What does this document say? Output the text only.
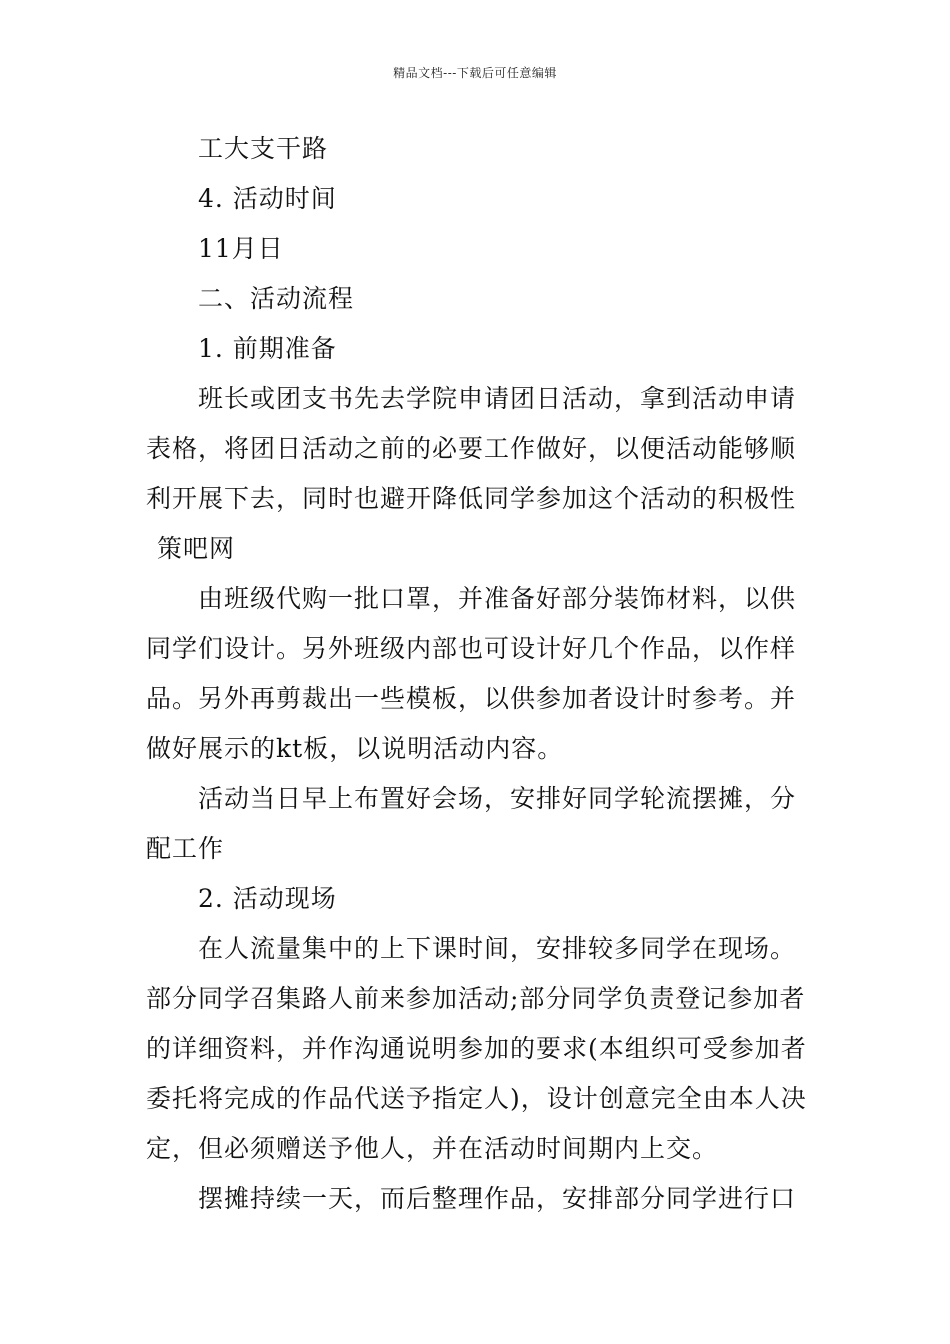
精品文档---下载后可任意编辑
工大支干路
4. 活动时间
11月日
二、活动流程
1. 前期准备
班长或团支书先去学院申请团日活动，拿到活动申请
表格，将团日活动之前的必要工作做好，以便活动能够顺
利开展下去，同时也避开降低同学参加这个活动的积极性
策吧网
由班级代购一批口罩，并准备好部分装饰材料，以供
同学们设计。另外班级内部也可设计好几个作品，以作样
品。另外再剪裁出一些模板，以供参加者设计时参考。并
做好展示的kt板，以说明活动内容。
活动当日早上布置好会场，安排好同学轮流摆摊，分
配工作
2. 活动现场
在人流量集中的上下课时间，安排较多同学在现场。
部分同学召集路人前来参加活动;部分同学负责登记参加者
的详细资料，并作沟通说明参加的要求(本组织可受参加者
委托将完成的作品代送予指定人)，设计创意完全由本人决
定，但必须赠送予他人，并在活动时间期内上交。
摆摊持续一天，而后整理作品，安排部分同学进行口
